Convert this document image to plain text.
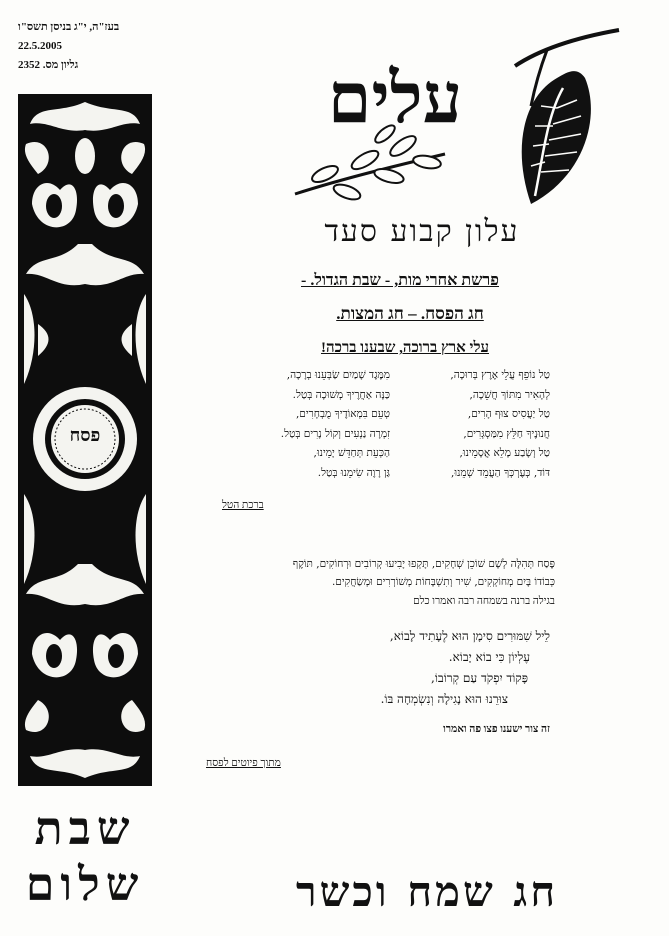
בעז"ה, י"ג בניסן תשס"ו
22.5.2005
גליון מס. 2352
פסח
שבת
שלום
עלים
עלון קבוע סעד
פרשת אחרי מות, - שבת הגדול. -
חג הפסח. – חג המצות.
עלי ארץ ברוכה, שבענו ברכה!
טַל נוֹפֵף עֲלֵי אֶרֶץ בְּרוּכָה,
לְהָאִיר מִתּוֹךְ חֲשֵׁכָה,
טַל יַעֲסִיס צוּף הָרִים,
חֲנוּנֶיךָ חַלֵּץ מִמַּסְגְּרִים,
טַל וְשָׂבַע מָלֵא אֲסָמֵינוּ,
דּוֹד, כְּעֶרְכְּךָ הַעֲמֵד שְׁמֵנוּ,
מִמֶּגֶד שָׁמַיִם שַׂבְּעֵנוּ בְרָכָה,
כַּנָּה אַחֲרֶיךָ מְשׁוּכָה בְּטַל.
טְעֵם בִּמְאוֹדֶיךָ מֻבְחָרִים,
זִמְרָה נַנְעִים וְקוֹל נָרִים בְּטַל.
הַכְּעֵת תְּחַדֵּשׁ יָמֵינוּ,
גַּן רָוֶה שִׂימֵנוּ בְּטַל.
ברכת הטל
פֶּסַח תְּהִלָּה לְשָׁם שׁוֹכֵן שְׁחָקִים, תָּקְפוּ יָבִיעוּ קְרוֹבִים וּרְחוֹקִים, תּוֹקֶף
כְּבוֹדוֹ בָּיִם מְחוֹקְקִים, שִׁיר וְתִשְׁבָּחוֹת מְשׁוֹרְרִים וּמְשַׂחֲקִים.
בגילה ברנה בשמחה רבה ואמרו כלם
לֵיל שִׁמּוּרִים סִימָן הוּא לֶעָתִיד לָבוֹא,
עֶלְיוֹן כִּי בוֹא יָבוֹא.
פָּקוֹד יִפְקֹד עַם קְרוֹבוֹ,
צוּרֵנוּ הוּא נָגִילָה וְנִשְׂמְחָה בּוֹ.
זה צור ישענו פצו פה ואמרו
מתוך פיוטים לפסח
חג שמח וכשר
